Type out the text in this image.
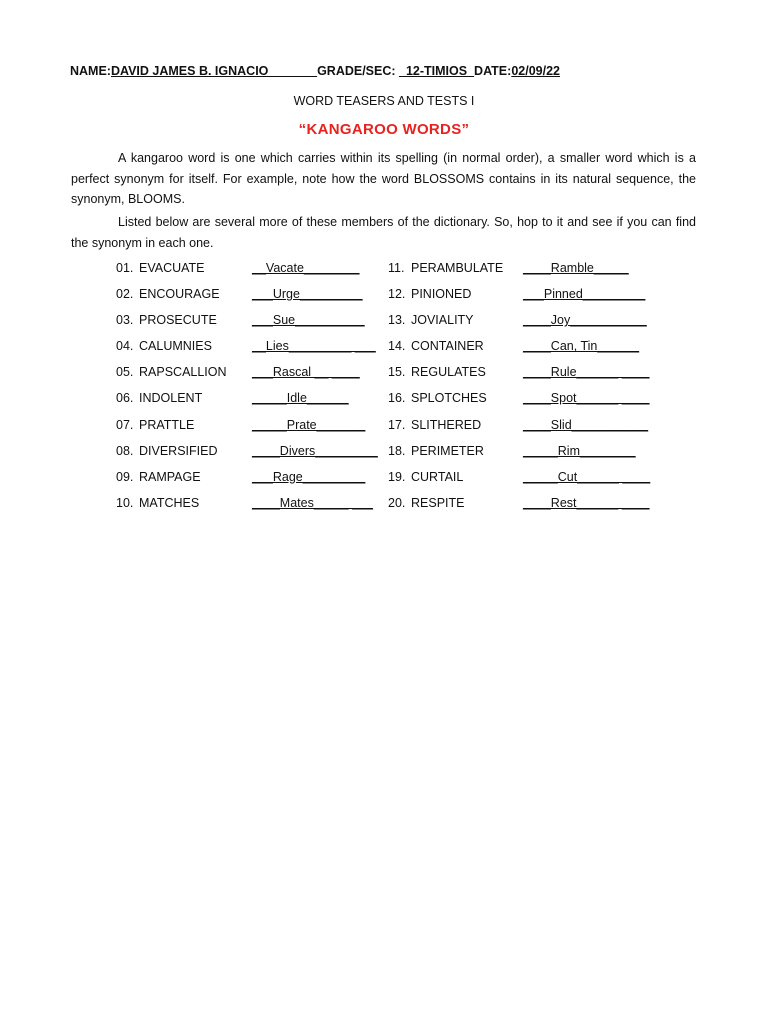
NAME:DAVID JAMES B. IGNACIO_______GRADE/SEC: _12-TIMIOS_DATE:02/09/22
WORD TEASERS AND TESTS I
“KANGAROO WORDS”
A kangaroo word is one which carries within its spelling (in normal order), a smaller word which is a perfect synonym for itself. For example, note how the word BLOSSOMS contains in its natural sequence, the synonym, BLOOMS.
Listed below are several more of these members of the dictionary. So, hop to it and see if you can find the synonym in each one.
01. EVACUATE	__Vacate________
02. ENCOURAGE	___Urge_________
03. PROSECUTE	___Sue__________
04. CALUMNIES	__Lies_________ ___
05. RAPSCALLION ___Rascal __ ____
06. INDOLENT	_____Idle______
07. PRATTLE	_____Prate_______
08. DIVERSIFIED	____Divers_________
09. RAMPAGE	___Rage_________
10. MATCHES	____Mates_____ ___
11. PERAMBULATE ____Ramble_____
12. PINIONED	___Pinned_________
13. JOVIALITY	____Joy___________
14. CONTAINER	____Can, Tin______
15. REGULATES	____Rule______ ____
16. SPLOTCHES	____Spot______ ____
17. SLITHERED	____Slid___________
18. PERIMETER	_____Rim________
19. CURTAIL	_____Cut______ ____
20. RESPITE	____Rest______ ____
